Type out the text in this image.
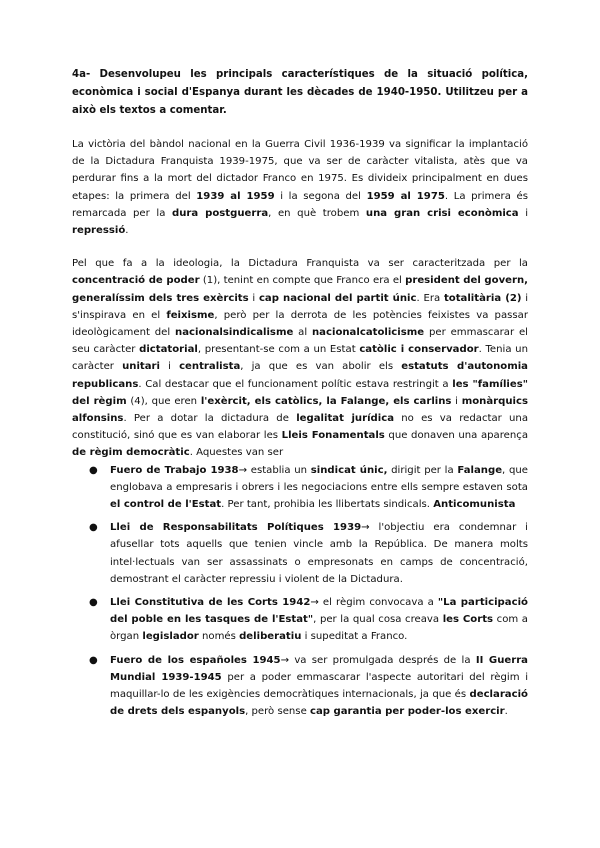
4a- Desenvolupeu les principals característiques de la situació política, econòmica i social d'Espanya durant les dècades de 1940-1950. Utilitzeu per a això els textos a comentar.

La victòria del bàndol nacional en la Guerra Civil 1936-1939 va significar la implantació de la Dictadura Franquista 1939-1975, que va ser de caràcter vitalista, atès que va perdurar fins a la mort del dictador Franco en 1975. Es divideix principalment en dues etapes: la primera del 1939 al 1959 i la segona del 1959 al 1975. La primera és remarcada per la dura postguerra, en què trobem una gran crisi econòmica i repressió.

Pel que fa a la ideologia, la Dictadura Franquista va ser caracteritzada per la concentració de poder (1), tenint en compte que Franco era el president del govern, generalíssim dels tres exèrcits i cap nacional del partit únic. Era totalitària (2) i s'inspirava en el feixisme, però per la derrota de les potències feixistes va passar ideològicament del nacionalsindicalisme al nacionalcatolicisme per emmascarar el seu caràcter dictatorial, presentant-se com a un Estat catòlic i conservador. Tenia un caràcter unitari i centralista, ja que es van abolir els estatuts d'autonomia republicans. Cal destacar que el funcionament polític estava restringit a les "famílies" del règim (4), que eren l'exèrcit, els catòlics, la Falange, els carlins i monàrquics alfonsins. Per a dotar la dictadura de legalitat jurídica no es va redactar una constitució, sinó que es van elaborar les Lleis Fonamentals que donaven una aparença de règim democràtic. Aquestes van ser

● Fuero de Trabajo 1938→ establia un sindicat únic, dirigit per la Falange, que englobava a empresaris i obrers i les negociacions entre ells sempre estaven sota el control de l'Estat. Per tant, prohibia les llibertats sindicals. Anticomunista
● Llei de Responsabilitats Polítiques 1939→ l'objectiu era condemnar i afusellar tots aquells que tenien vincle amb la República. De manera molts intel·lectuals van ser assassinats o empresonats en camps de concentració, demostrant el caràcter repressiu i violent de la Dictadura.
● Llei Constitutiva de les Corts 1942→ el règim convocava a "La participació del poble en les tasques de l'Estat", per la qual cosa creava les Corts com a òrgan legislador només deliberatiu i supeditat a Franco.
● Fuero de los españoles 1945→ va ser promulgada després de la II Guerra Mundial 1939-1945 per a poder emmascarar l'aspecte autoritari del règim i maquillar-lo de les exigències democràtiques internacionals, ja que és declaració de drets dels espanyols, però sense cap garantia per poder-los exercir.
